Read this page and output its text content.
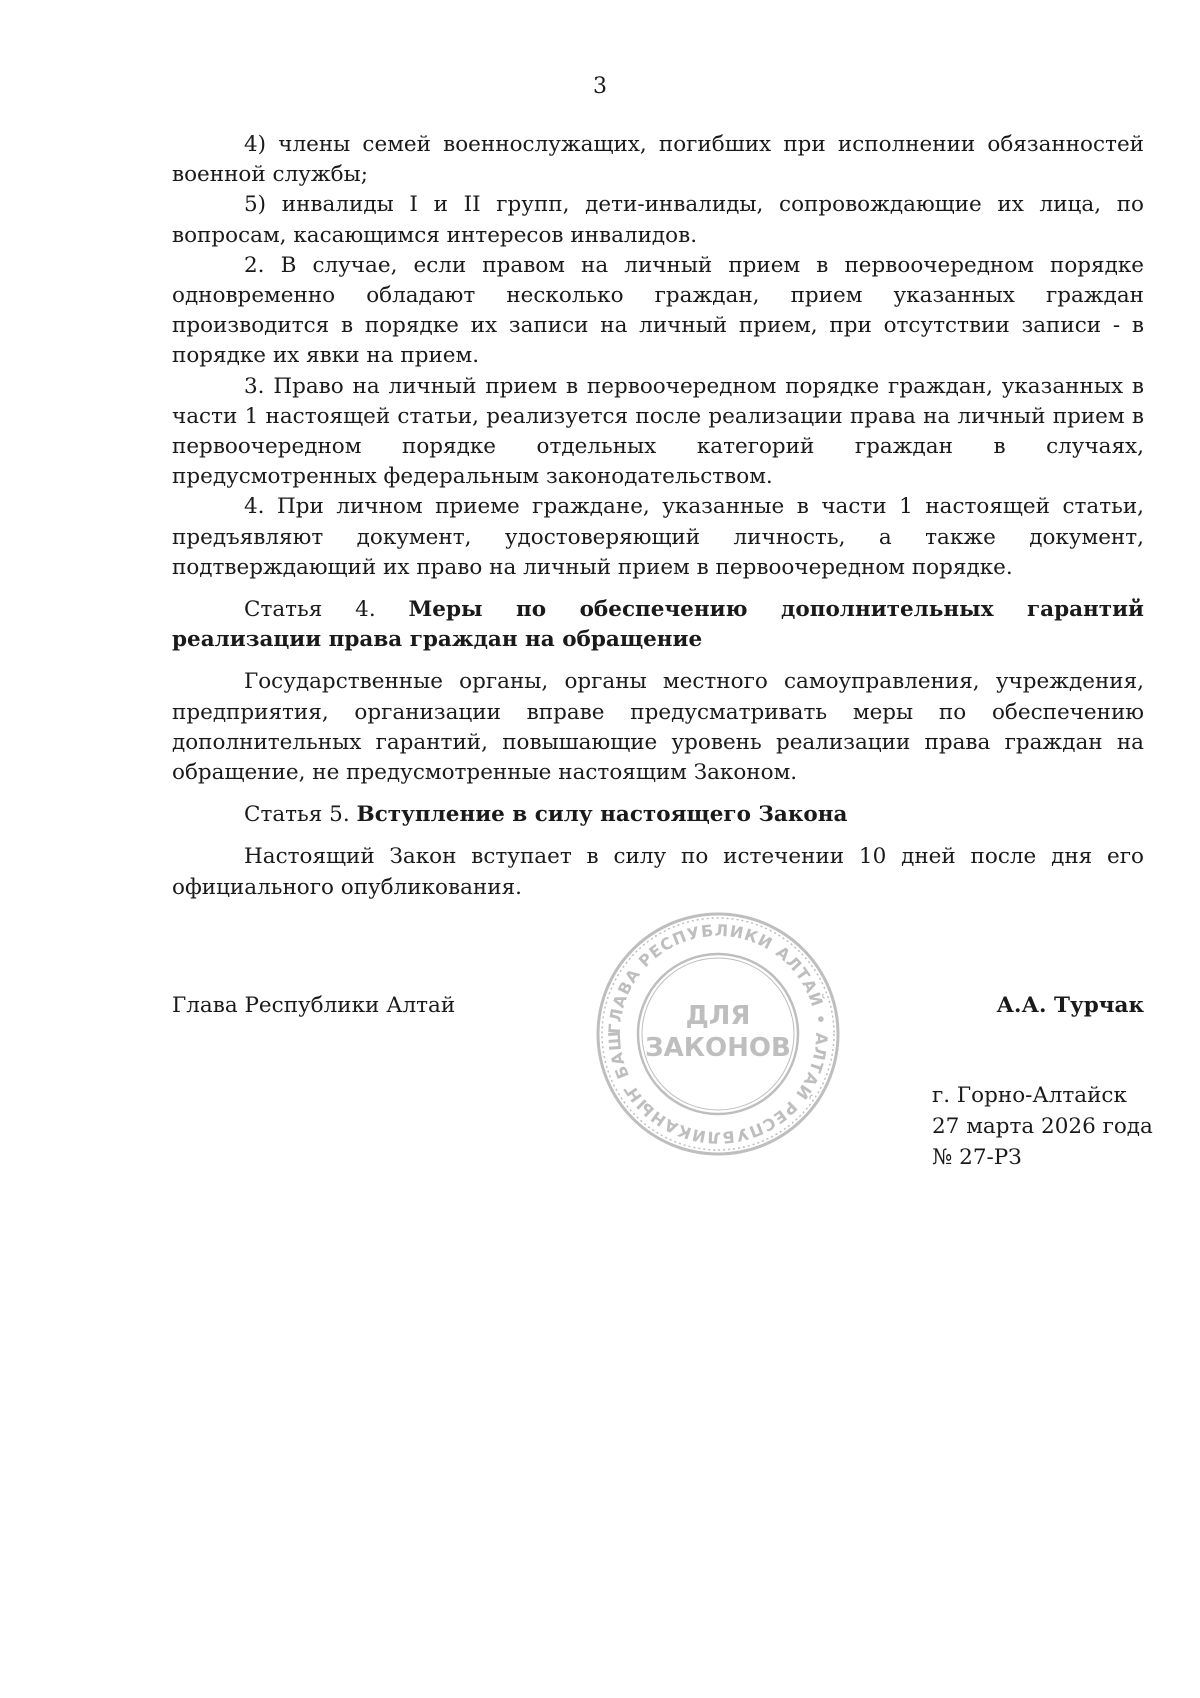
3

4) члены семей военнослужащих, погибших при исполнении обязанностей военной службы;

5) инвалиды I и II групп, дети-инвалиды, сопровождающие их лица, по вопросам, касающимся интересов инвалидов.

2. В случае, если правом на личный прием в первоочередном порядке одновременно обладают несколько граждан, прием указанных граждан производится в порядке их записи на личный прием, при отсутствии записи - в порядке их явки на прием.

3. Право на личный прием в первоочередном порядке граждан, указанных в части 1 настоящей статьи, реализуется после реализации права на личный прием в первоочередном порядке отдельных категорий граждан в случаях, предусмотренных федеральным законодательством.

4. При личном приеме граждане, указанные в части 1 настоящей статьи, предъявляют документ, удостоверяющий личность, а также документ, подтверждающий их право на личный прием в первоочередном порядке.

Статья 4. Меры по обеспечению дополнительных гарантий реализации права граждан на обращение

Государственные органы, органы местного самоуправления, учреждения, предприятия, организации вправе предусматривать меры по обеспечению дополнительных гарантий, повышающие уровень реализации права граждан на обращение, не предусмотренные настоящим Законом.

Статья 5. Вступление в силу настоящего Закона

Настоящий Закон вступает в силу по истечении 10 дней после дня его официального опубликования.

Глава Республики Алтай	А.А. Турчак
ГЛАВА РЕСПУБЛИКИ АЛТАЙ • АЛТАЙ РЕСПУБЛИКАНЫҤ БАШ
ДЛЯ
ЗАКОНОВ
г. Горно-Алтайск
27 марта 2026 года
№ 27-РЗ
